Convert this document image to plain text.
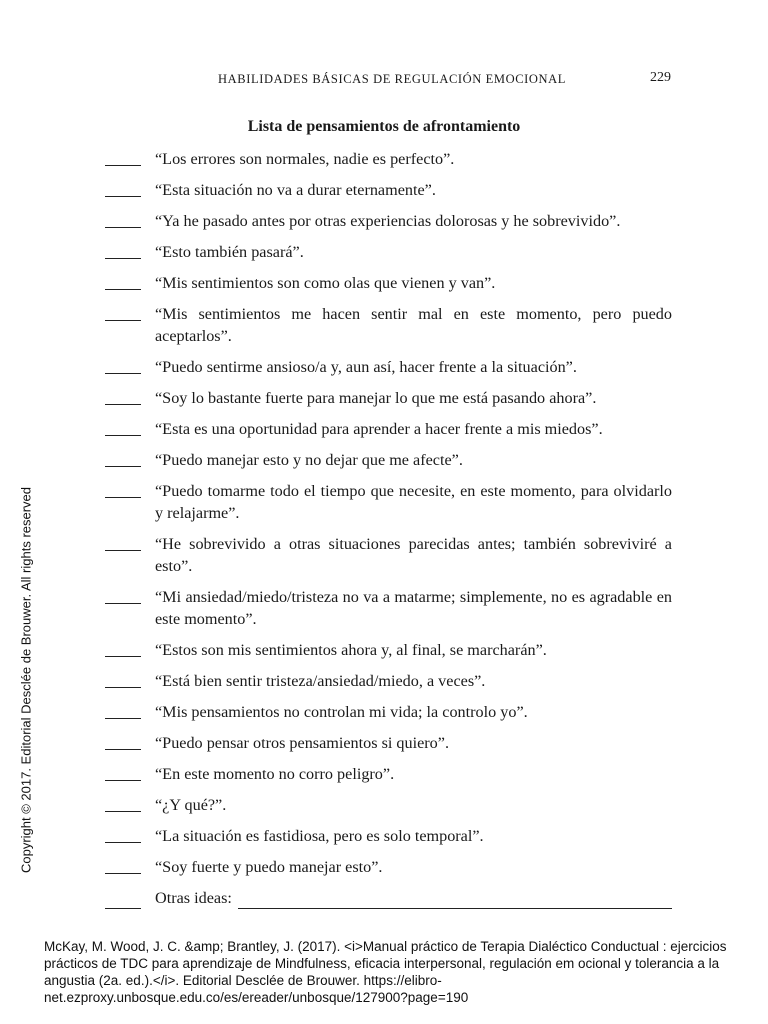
HABILIDADES BÁSICAS DE REGULACIÓN EMOCIONAL	229
Lista de pensamientos de afrontamiento
“Los errores son normales, nadie es perfecto”.
“Esta situación no va a durar eternamente”.
“Ya he pasado antes por otras experiencias dolorosas y he sobrevivido”.
“Esto también pasará”.
“Mis sentimientos son como olas que vienen y van”.
“Mis sentimientos me hacen sentir mal en este momento, pero puedo aceptarlos”.
“Puedo sentirme ansioso/a y, aun así, hacer frente a la situación”.
“Soy lo bastante fuerte para manejar lo que me está pasando ahora”.
“Esta es una oportunidad para aprender a hacer frente a mis miedos”.
“Puedo manejar esto y no dejar que me afecte”.
“Puedo tomarme todo el tiempo que necesite, en este momento, para olvidarlo y relajarme”.
“He sobrevivido a otras situaciones parecidas antes; también sobreviviré a esto”.
“Mi ansiedad/miedo/tristeza no va a matarme; simplemente, no es agradable en este momento”.
“Estos son mis sentimientos ahora y, al final, se marcharán”.
“Está bien sentir tristeza/ansiedad/miedo, a veces”.
“Mis pensamientos no controlan mi vida; la controlo yo”.
“Puedo pensar otros pensamientos si quiero”.
“En este momento no corro peligro”.
“¿Y qué?”.
“La situación es fastidiosa, pero es solo temporal”.
“Soy fuerte y puedo manejar esto”.
Otras ideas:
Copyright © 2017. Editorial Desclée de Brouwer. All rights reserved
McKay, M. Wood, J. C. &amp; Brantley, J. (2017). <i>Manual práctico de Terapia Dialéctico Conductual : ejercicios prácticos de TDC para aprendizaje de Mindfulness, eficacia interpersonal, regulación em ocional y tolerancia a la angustia (2a. ed.).</i>. Editorial Desclée de Brouwer. https://elibro-net.ezproxy.unbosque.edu.co/es/ereader/unbosque/127900?page=190
